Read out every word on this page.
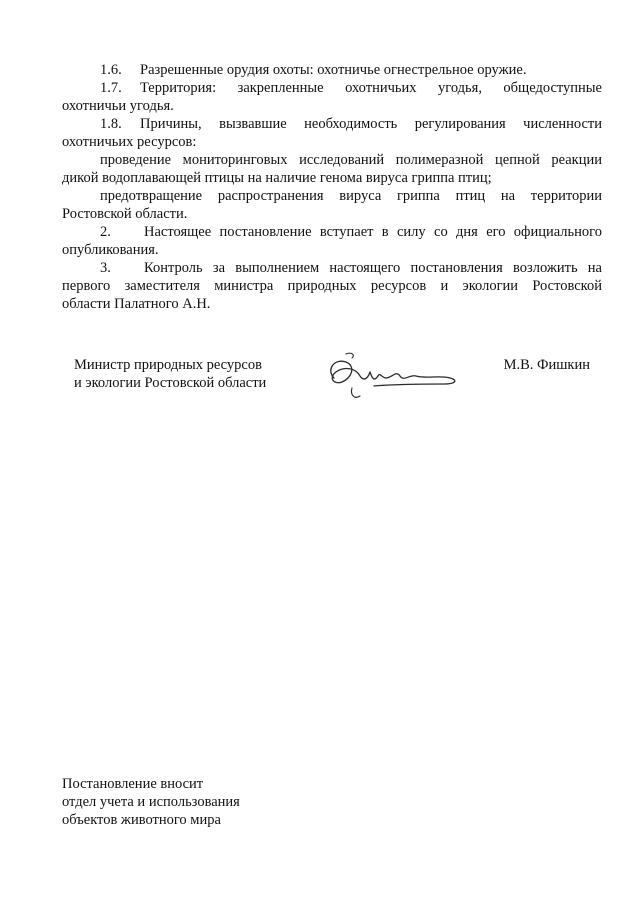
1.6. Разрешенные орудия охоты: охотничье огнестрельное оружие.
1.7. Территория: закрепленные охотничьих угодья, общедоступные
охотничьи угодья.
1.8. Причины, вызвавшие необходимость регулирования численности
охотничьих ресурсов:
проведение мониторинговых исследований полимеразной цепной реакции
дикой водоплавающей птицы на наличие генома вируса гриппа птиц;
предотвращение распространения вируса гриппа птиц на территории
Ростовской области.
2. Настоящее постановление вступает в силу со дня его официального
опубликования.
3. Контроль за выполнением настоящего постановления возложить на
первого заместителя министра природных ресурсов и экологии Ростовской
области Палатного А.Н.
Министр природных ресурсов
и экологии Ростовской области
М.В. Фишкин
Постановление вносит
отдел учета и использования
объектов животного мира
